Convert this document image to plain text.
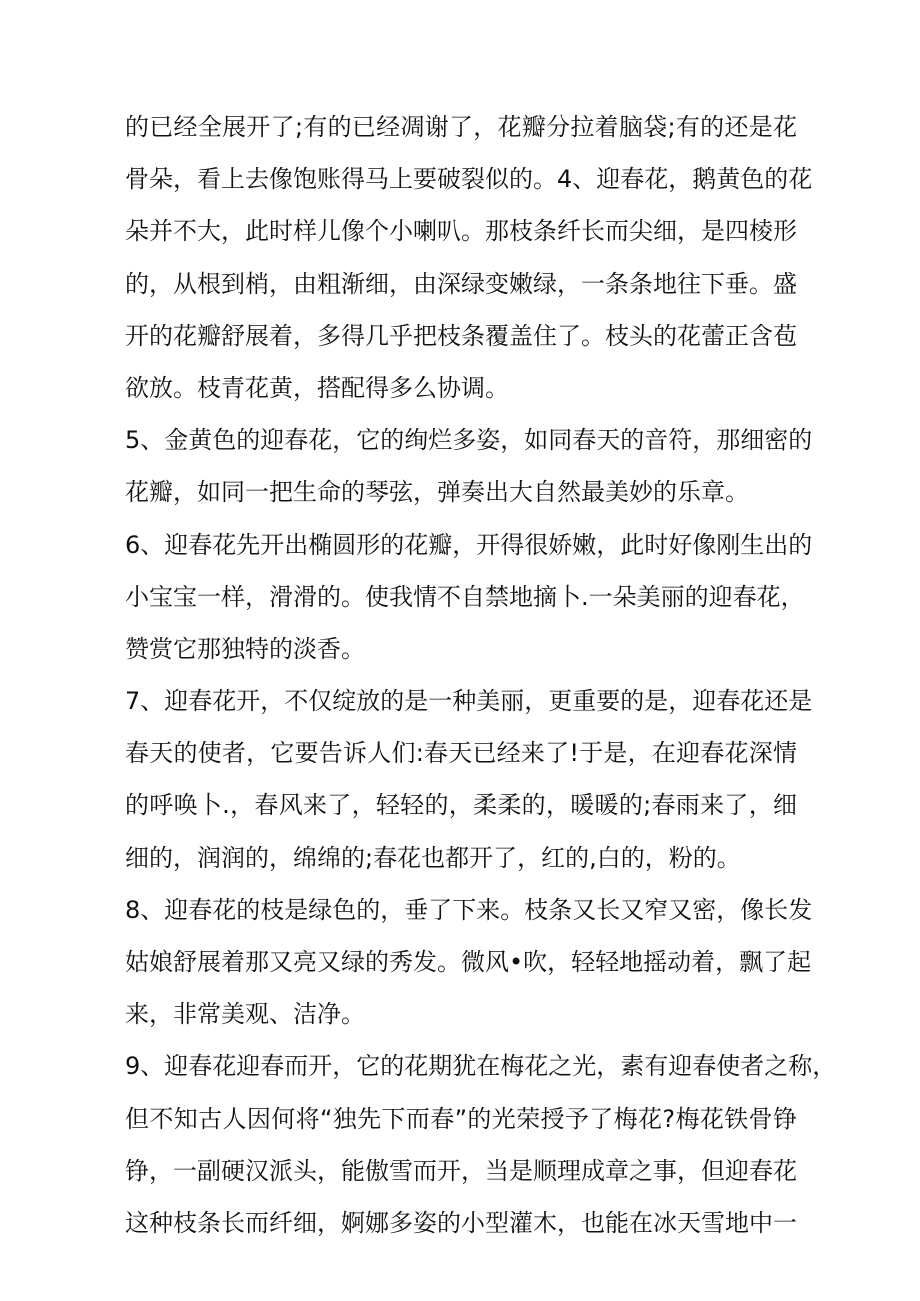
的已经全展开了;有的已经凋谢了，花瓣分拉着脑袋;有的还是花
骨朵，看上去像饱账得马上要破裂似的。4、迎春花，鹅黄色的花
朵并不大，此时样儿像个小喇叭。那枝条纤长而尖细，是四棱形
的，从根到梢，由粗渐细，由深绿变嫩绿，一条条地往下垂。盛
开的花瓣舒展着，多得几乎把枝条覆盖住了。枝头的花蕾正含苞
欲放。枝青花黄，搭配得多么协调。
5、金黄色的迎春花，它的绚烂多姿，如同春天的音符，那细密的
花瓣，如同一把生命的琴弦，弹奏出大自然最美妙的乐章。
6、迎春花先开出椭圆形的花瓣，开得很娇嫩，此时好像刚生出的
小宝宝一样，滑滑的。使我情不自禁地摘卜.一朵美丽的迎春花，
赞赏它那独特的淡香。
7、迎春花开，不仅绽放的是一种美丽，更重要的是，迎春花还是
春天的使者，它要告诉人们:春天已经来了!于是，在迎春花深情
的呼唤卜.，春风来了，轻轻的，柔柔的，暖暖的;春雨来了，细
细的，润润的，绵绵的;春花也都开了，红的,白的，粉的。
8、迎春花的枝是绿色的，垂了下来。枝条又长又窄又密，像长发
姑娘舒展着那又亮又绿的秀发。微风•吹，轻轻地摇动着，飘了起
来，非常美观、洁净。
9、迎春花迎春而开，它的花期犹在梅花之光，素有迎春使者之称，
但不知古人因何将“独先下而春”的光荣授予了梅花?梅花铁骨铮
铮，一副硬汉派头，能傲雪而开，当是顺理成章之事，但迎春花
这种枝条长而纤细，婀娜多姿的小型灌木，也能在冰天雪地中一
